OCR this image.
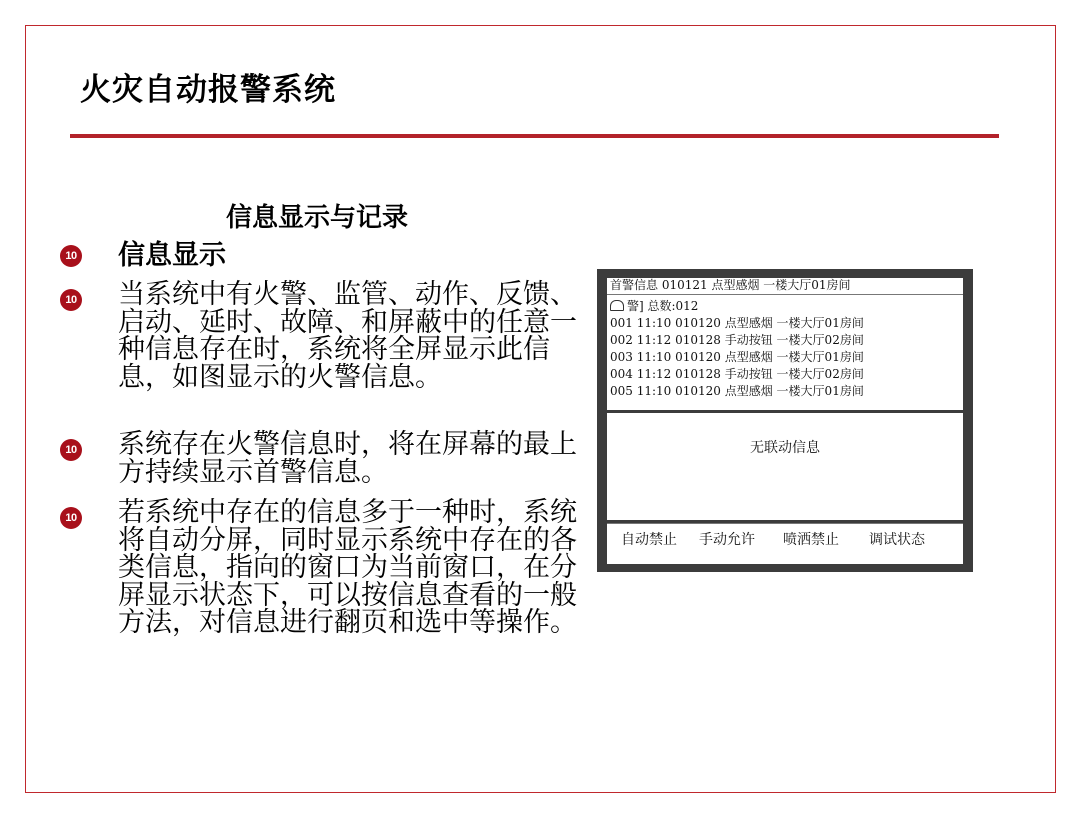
火灾自动报警系统
信息显示与记录
10 信息显示
10 当系统中有火警、监管、动作、反馈、启动、延时、故障、和屏蔽中的任意一种信息存在时，系统将全屏显示此信息，如图显示的火警信息。
10 系统存在火警信息时，将在屏幕的最上方持续显示首警信息。
10 若系统中存在的信息多于一种时，系统将自动分屏，同时显示系统中存在的各类信息，指向的窗口为当前窗口，在分屏显示状态下，可以按信息查看的一般方法，对信息进行翻页和选中等操作。
首警信息 010121 点型感烟 一楼大厅01房间
警] 总数:012
001 11:10 010120 点型感烟 一楼大厅01房间
002 11:12 010128 手动按钮 一楼大厅02房间
003 11:10 010120 点型感烟 一楼大厅01房间
004 11:12 010128 手动按钮 一楼大厅02房间
005 11:10 010120 点型感烟 一楼大厅01房间
无联动信息
自动禁止 手动允许 喷洒禁止 调试状态
